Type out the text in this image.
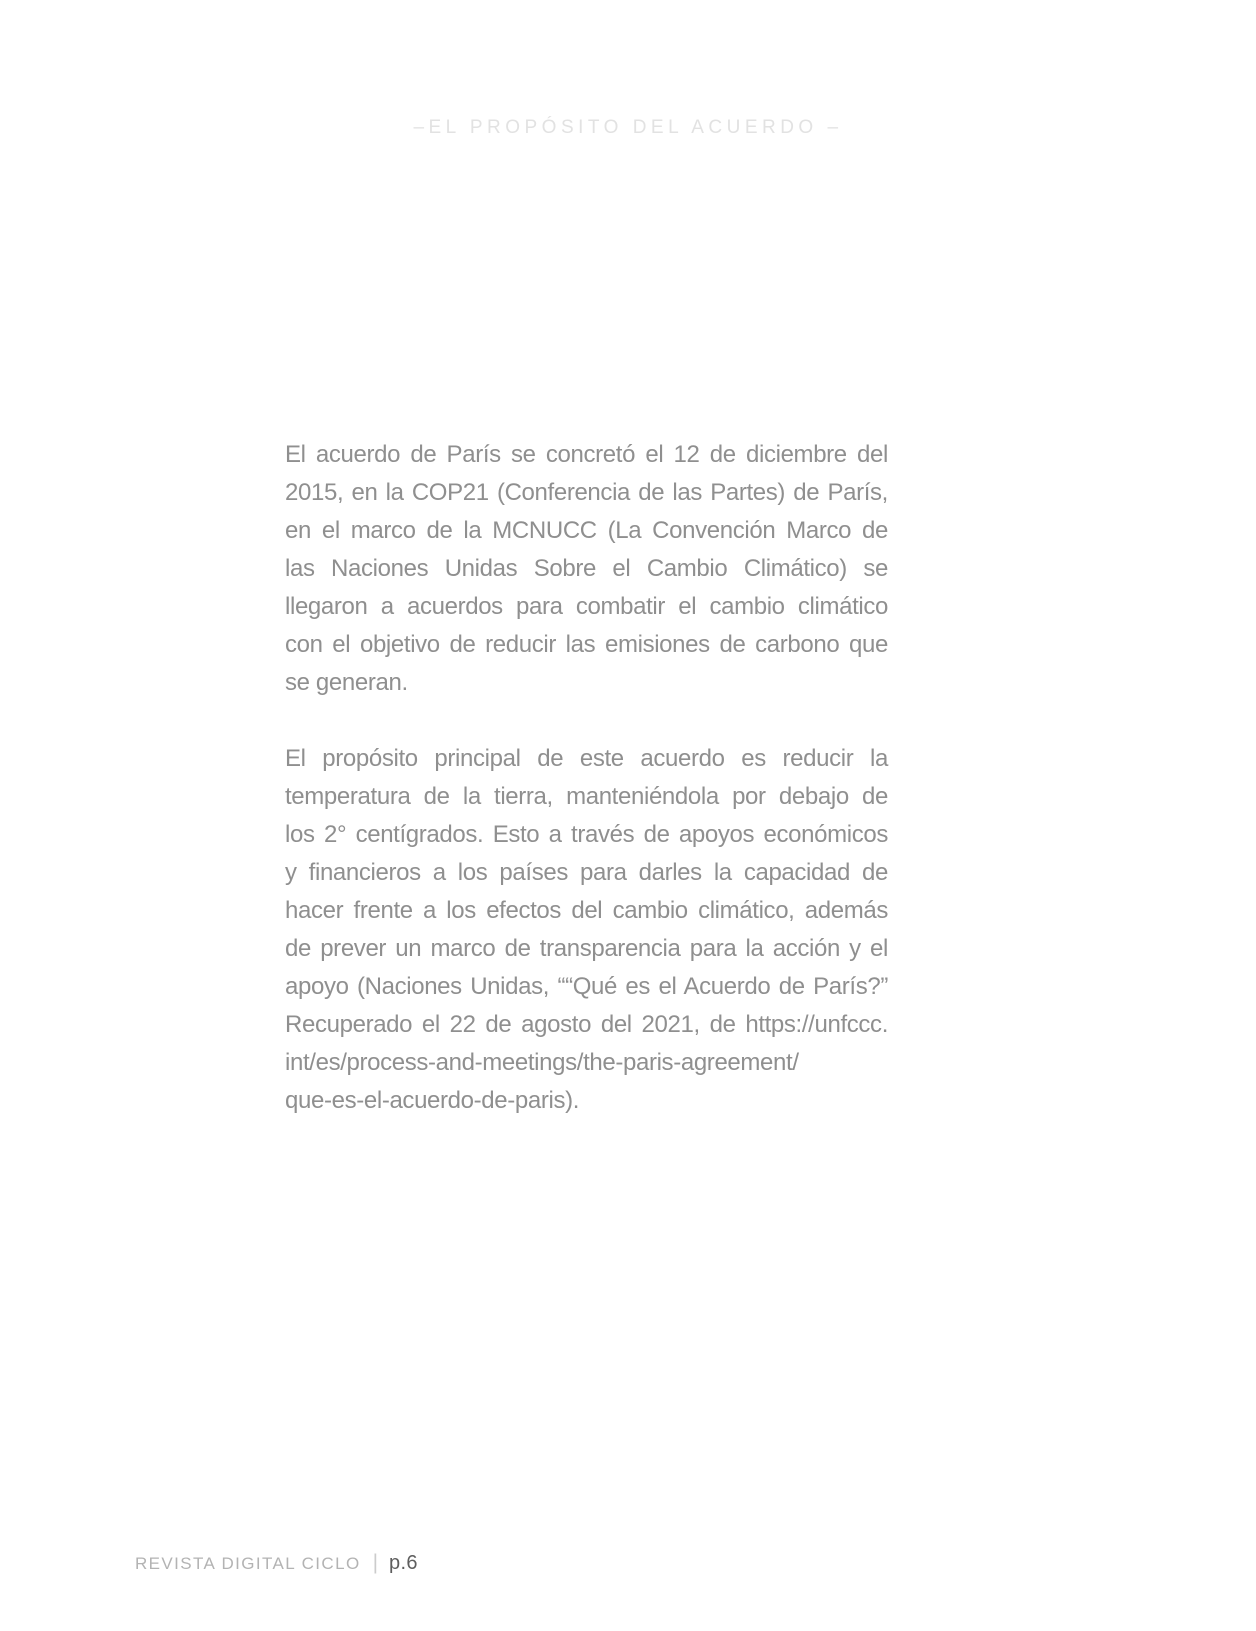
–EL PROPÓSITO DEL ACUERDO –
El acuerdo de París se concretó el 12 de diciembre del
2015, en la COP21 (Conferencia de las Partes) de París,
en el marco de la MCNUCC (La Convención Marco de
las Naciones Unidas Sobre el Cambio Climático) se
llegaron a acuerdos para combatir el cambio climático
con el objetivo de reducir las emisiones de carbono que
se generan.
El propósito principal de este acuerdo es reducir la
temperatura de la tierra, manteniéndola por debajo de
los 2° centígrados. Esto a través de apoyos económicos
y financieros a los países para darles la capacidad de
hacer frente a los efectos del cambio climático, además
de prever un marco de transparencia para la acción y el
apoyo (Naciones Unidas, ““Qué es el Acuerdo de París?”
Recuperado el 22 de agosto del 2021, de https://unfccc.
int/es/process-and-meetings/the-paris-agreement/
que-es-el-acuerdo-de-paris).
REVISTA DIGITAL CICLO | p.6
